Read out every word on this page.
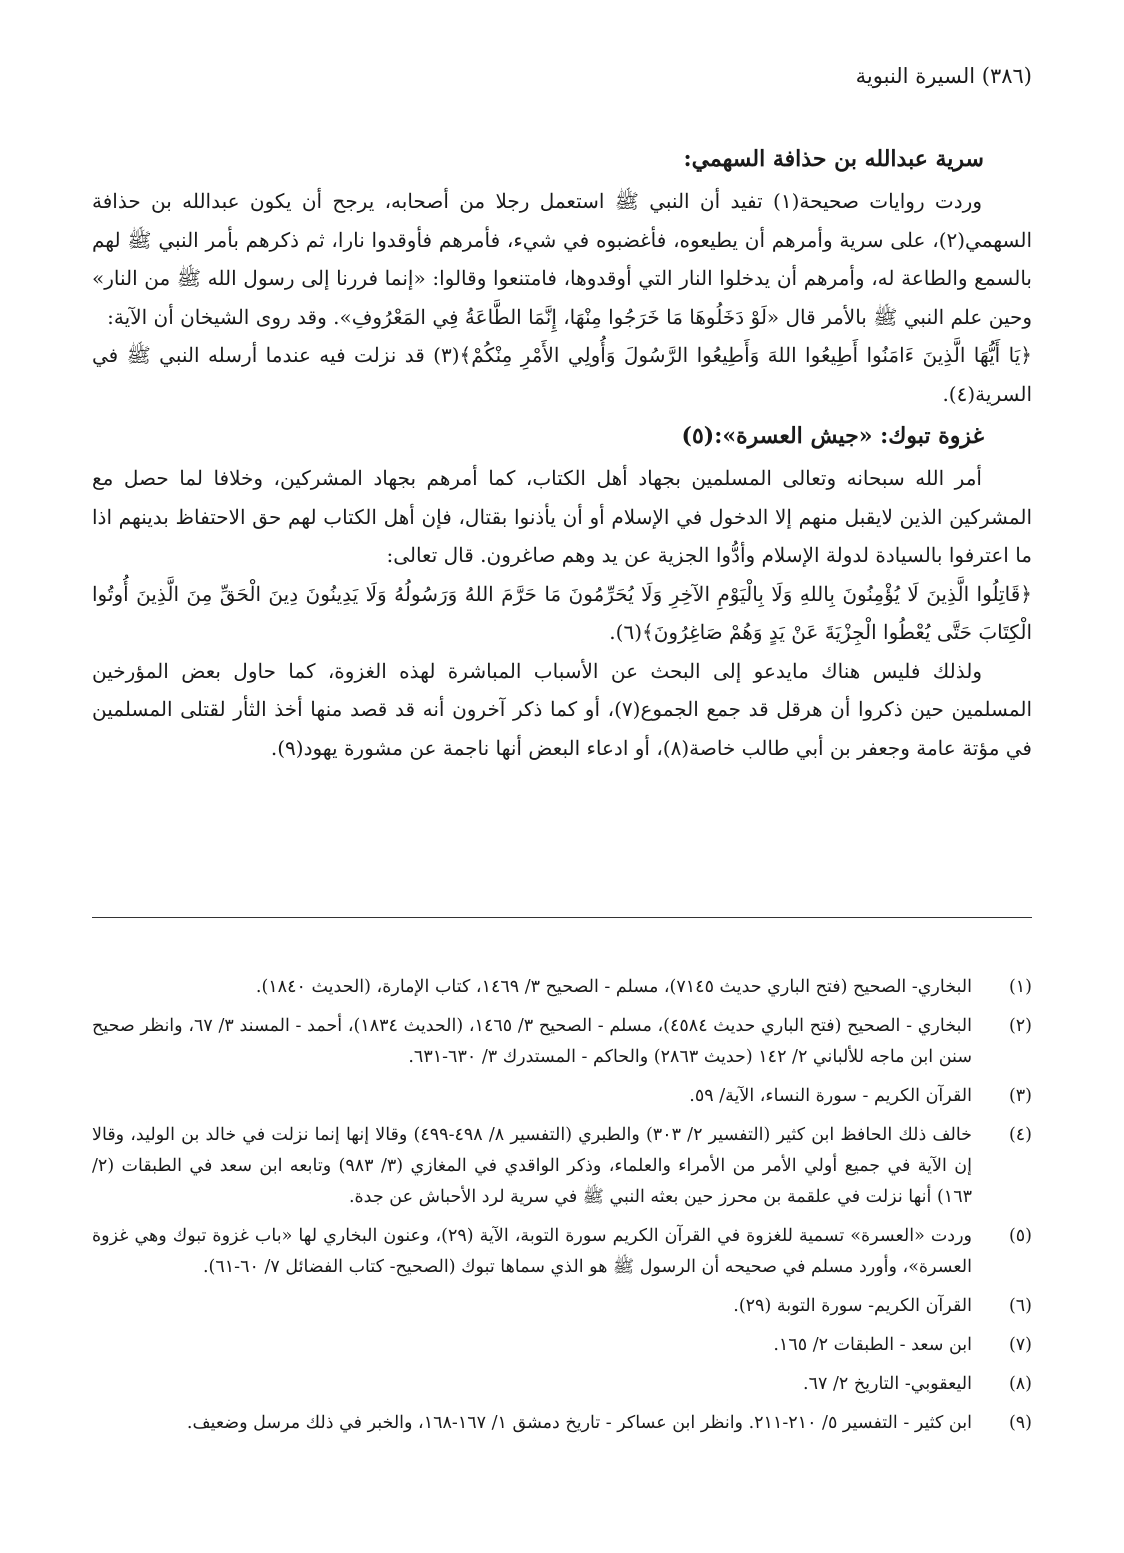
(٣٨٦) السيرة النبوية
سرية عبدالله بن حذافة السهمي:

وردت روايات صحيحة(١) تفيد أن النبي ﷺ استعمل رجلا من أصحابه، يرجح أن يكون عبدالله بن حذافة السهمي(٢)، على سرية وأمرهم أن يطيعوه، فأغضبوه في شيء، فأمرهم فأوقدوا نارا، ثم ذكرهم بأمر النبي ﷺ لهم بالسمع والطاعة له، وأمرهم أن يدخلوا النار التي أوقدوها، فامتنعوا وقالوا: «إنما فررنا إلى رسول الله ﷺ من النار» وحين علم النبي ﷺ بالأمر قال «لَوْ دَخَلُوهَا مَا خَرَجُوا مِنْهَا، إِنَّمَا الطَّاعَةُ فِي المَعْرُوفِ». وقد روى الشيخان أن الآية:

﴿يَا أَيُّهَا الَّذِينَ ءَامَنُوا أَطِيعُوا اللهَ وَأَطِيعُوا الرَّسُولَ وَأُولِي الأَمْرِ مِنْكُمْ﴾(٣) قد نزلت فيه عندما أرسله النبي ﷺ في السرية(٤).

غزوة تبوك: «جيش العسرة»:(٥)

أمر الله سبحانه وتعالى المسلمين بجهاد أهل الكتاب، كما أمرهم بجهاد المشركين، وخلافا لما حصل مع المشركين الذين لايقبل منهم إلا الدخول في الإسلام أو أن يأذنوا بقتال، فإن أهل الكتاب لهم حق الاحتفاظ بدينهم اذا ما اعترفوا بالسيادة لدولة الإسلام وأدُّوا الجزية عن يد وهم صاغرون. قال تعالى:

﴿قَاتِلُوا الَّذِينَ لَا يُؤْمِنُونَ بِاللهِ وَلَا بِالْيَوْمِ الآخِرِ وَلَا يُحَرِّمُونَ مَا حَرَّمَ اللهُ وَرَسُولُهُ وَلَا يَدِينُونَ دِينَ الْحَقِّ مِنَ الَّذِينَ أُوتُوا الْكِتَابَ حَتَّى يُعْطُوا الْجِزْيَةَ عَنْ يَدٍ وَهُمْ صَاغِرُونَ﴾(٦).

ولذلك فليس هناك مايدعو إلى البحث عن الأسباب المباشرة لهذه الغزوة، كما حاول بعض المؤرخين المسلمين حين ذكروا أن هرقل قد جمع الجموع(٧)، أو كما ذكر آخرون أنه قد قصد منها أخذ الثأر لقتلى المسلمين في مؤتة عامة وجعفر بن أبي طالب خاصة(٨)، أو ادعاء البعض أنها ناجمة عن مشورة يهود(٩).

(١)
البخاري- الصحيح (فتح الباري حديث ٧١٤٥)، مسلم - الصحيح ٣/ ١٤٦٩، كتاب الإمارة، (الحديث ١٨٤٠).
(٢)
البخاري - الصحيح (فتح الباري حديث ٤٥٨٤)، مسلم - الصحيح ٣/ ١٤٦٥، (الحديث ١٨٣٤)، أحمد - المسند ٣/ ٦٧، وانظر صحيح سنن ابن ماجه للألباني ٢/ ١٤٢ (حديث ٢٨٦٣) والحاكم - المستدرك ٣/ ٦٣٠-٦٣١.
(٣)
القرآن الكريم - سورة النساء، الآية/ ٥٩.
(٤)
خالف ذلك الحافظ ابن كثير (التفسير ٢/ ٣٠٣) والطبري (التفسير ٨/ ٤٩٨-٤٩٩) وقالا إنها إنما نزلت في خالد بن الوليد، وقالا إن الآية في جميع أولي الأمر من الأمراء والعلماء، وذكر الواقدي في المغازي (٣/ ٩٨٣) وتابعه ابن سعد في الطبقات (٢/ ١٦٣) أنها نزلت في علقمة بن محرز حين بعثه النبي ﷺ في سرية لرد الأحباش عن جدة.
(٥)
وردت «العسرة» تسمية للغزوة في القرآن الكريم سورة التوبة، الآية (٢٩)، وعنون البخاري لها «باب غزوة تبوك وهي غزوة العسرة»، وأورد مسلم في صحيحه أن الرسول ﷺ هو الذي سماها تبوك (الصحيح- كتاب الفضائل ٧/ ٦٠-٦١).
(٦)
القرآن الكريم- سورة التوبة (٢٩).
(٧)
ابن سعد - الطبقات ٢/ ١٦٥.
(٨)
اليعقوبي- التاريخ ٢/ ٦٧.
(٩)
ابن كثير - التفسير ٥/ ٢١٠-٢١١. وانظر ابن عساكر - تاريخ دمشق ١/ ١٦٧-١٦٨، والخبر في ذلك مرسل وضعيف.
